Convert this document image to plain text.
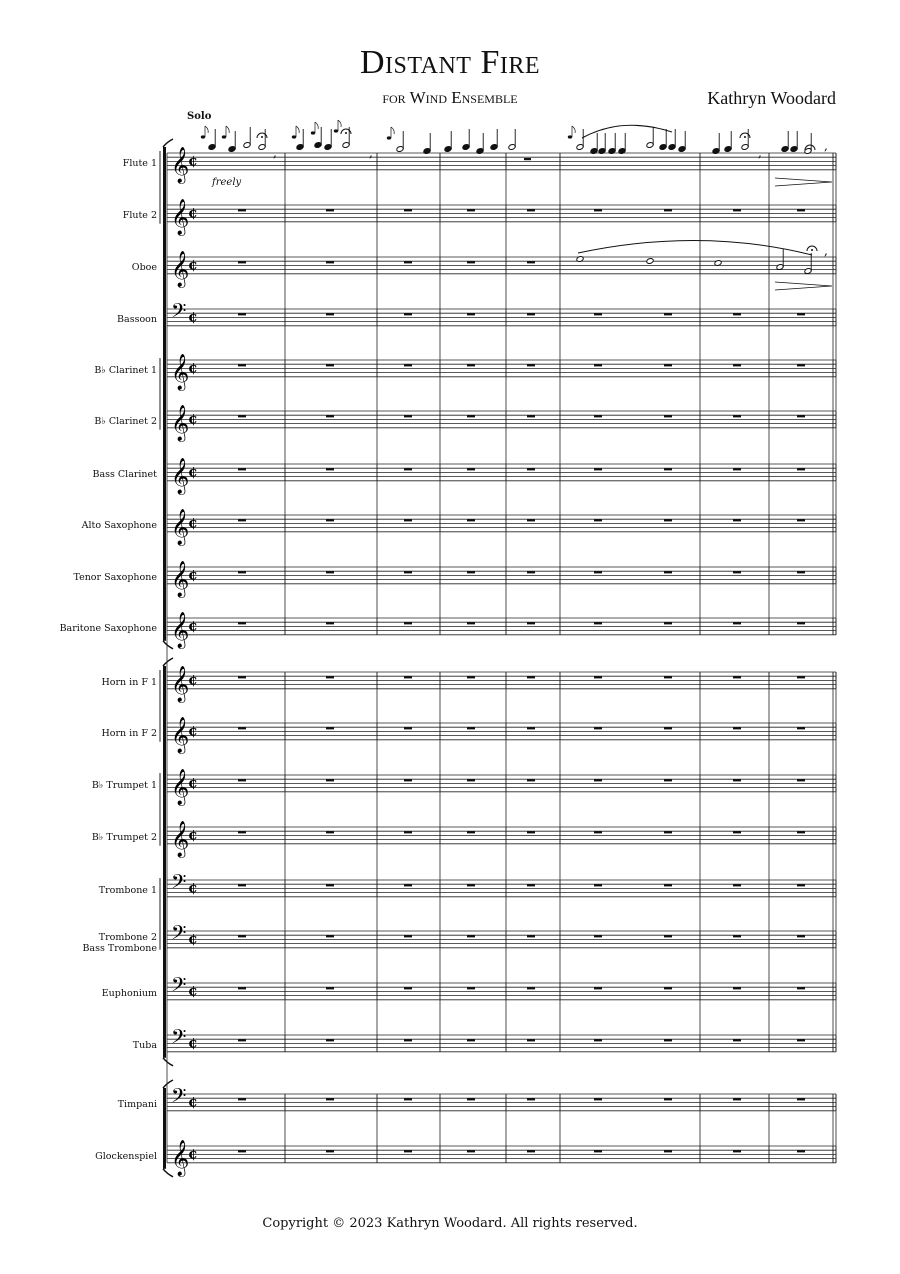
Distant Fire
for Wind Ensemble	Kathryn Woodard
Solo
freely
Flute 1
Flute 2
Oboe
Bassoon
B♭ Clarinet 1
B♭ Clarinet 2
Bass Clarinet
Alto Saxophone
Tenor Saxophone
Baritone Saxophone
Horn in F 1
Horn in F 2
B♭ Trumpet 1
B♭ Trumpet 2
Trombone 1
Trombone 2
Bass Trombone
Euphonium
Tuba
Timpani
Glockenspiel
𝄞
¢
𝄞
¢
𝄞
¢
𝄢 ¢
𝄞
¢
𝄞
¢
𝄞
¢
𝄞
¢
𝄞
¢
𝄞
¢
𝄞
¢
𝄞
¢
𝄞
¢
𝄞
¢
𝄢 ¢
𝄢 ¢
𝄢 ¢
𝄢 ¢
𝄢 ¢
𝄞
¢
,	,	,	,
,
Copyright © 2023 Kathryn Woodard. All rights reserved.
